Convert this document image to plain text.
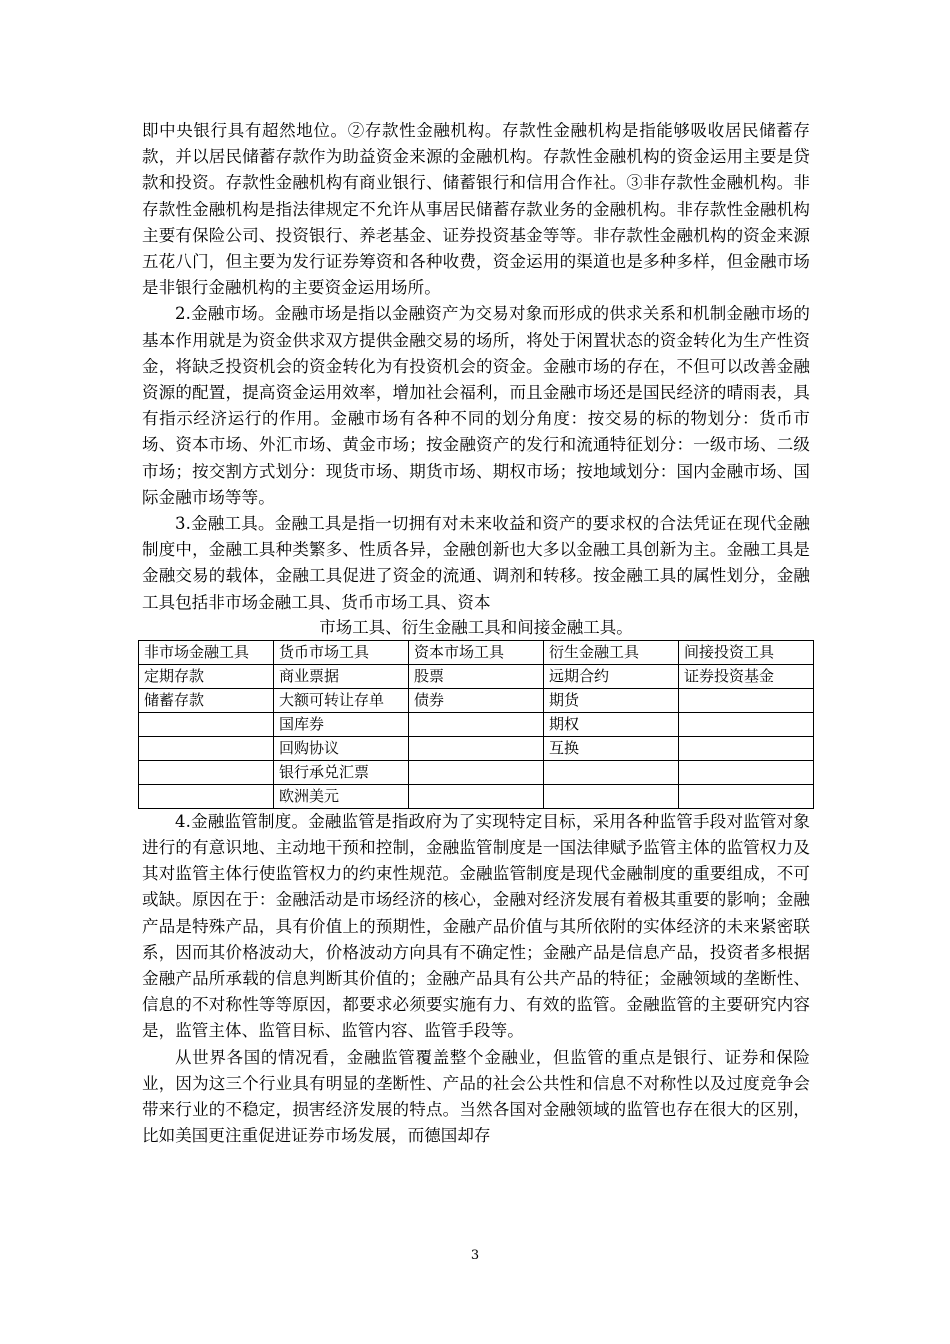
即中央银行具有超然地位。②存款性金融机构。存款性金融机构是指能够吸收居民储蓄存款，并以居民储蓄存款作为助益资金来源的金融机构。存款性金融机构的资金运用主要是贷款和投资。存款性金融机构有商业银行、储蓄银行和信用合作社。③非存款性金融机构。非存款性金融机构是指法律规定不允许从事居民储蓄存款业务的金融机构。非存款性金融机构主要有保险公司、投资银行、养老基金、证券投资基金等等。非存款性金融机构的资金来源五花八门，但主要为发行证券筹资和各种收费，资金运用的渠道也是多种多样，但金融市场是非银行金融机构的主要资金运用场所。

2.金融市场。金融市场是指以金融资产为交易对象而形成的供求关系和机制金融市场的基本作用就是为资金供求双方提供金融交易的场所，将处于闲置状态的资金转化为生产性资金，将缺乏投资机会的资金转化为有投资机会的资金。金融市场的存在，不但可以改善金融资源的配置，提高资金运用效率，增加社会福利，而且金融市场还是国民经济的晴雨表，具有指示经济运行的作用。金融市场有各种不同的划分角度：按交易的标的物划分：货币市场、资本市场、外汇市场、黄金市场；按金融资产的发行和流通特征划分：一级市场、二级市场；按交割方式划分：现货市场、期货市场、期权市场；按地域划分：国内金融市场、国际金融市场等等。

3.金融工具。金融工具是指一切拥有对未来收益和资产的要求权的合法凭证在现代金融制度中，金融工具种类繁多、性质各异，金融创新也大多以金融工具创新为主。金融工具是金融交易的载体，金融工具促进了资金的流通、调剂和转移。按金融工具的属性划分，金融工具包括非市场金融工具、货币市场工具、资本

市场工具、衍生金融工具和间接金融工具。

非市场金融工具	货币市场工具	资本市场工具	衍生金融工具	间接投资工具
定期存款	商业票据	股票	远期合约	证券投资基金
储蓄存款	大额可转让存单	债券	期货	
	国库券		期权	
	回购协议		互换	
	银行承兑汇票			
	欧洲美元			

4.金融监管制度。金融监管是指政府为了实现特定目标，采用各种监管手段对监管对象进行的有意识地、主动地干预和控制，金融监管制度是一国法律赋予监管主体的监管权力及其对监管主体行使监管权力的约束性规范。金融监管制度是现代金融制度的重要组成，不可或缺。原因在于：金融活动是市场经济的核心，金融对经济发展有着极其重要的影响；金融产品是特殊产品，具有价值上的预期性，金融产品价值与其所依附的实体经济的未来紧密联系，因而其价格波动大，价格波动方向具有不确定性；金融产品是信息产品，投资者多根据金融产品所承载的信息判断其价值的；金融产品具有公共产品的特征；金融领域的垄断性、信息的不对称性等等原因，都要求必须要实施有力、有效的监管。金融监管的主要研究内容是，监管主体、监管目标、监管内容、监管手段等。

从世界各国的情况看，金融监管覆盖整个金融业，但监管的重点是银行、证券和保险业，因为这三个行业具有明显的垄断性、产品的社会公共性和信息不对称性以及过度竞争会带来行业的不稳定，损害经济发展的特点。当然各国对金融领域的监管也存在很大的区别，比如美国更注重促进证券市场发展，而德国却存

3
